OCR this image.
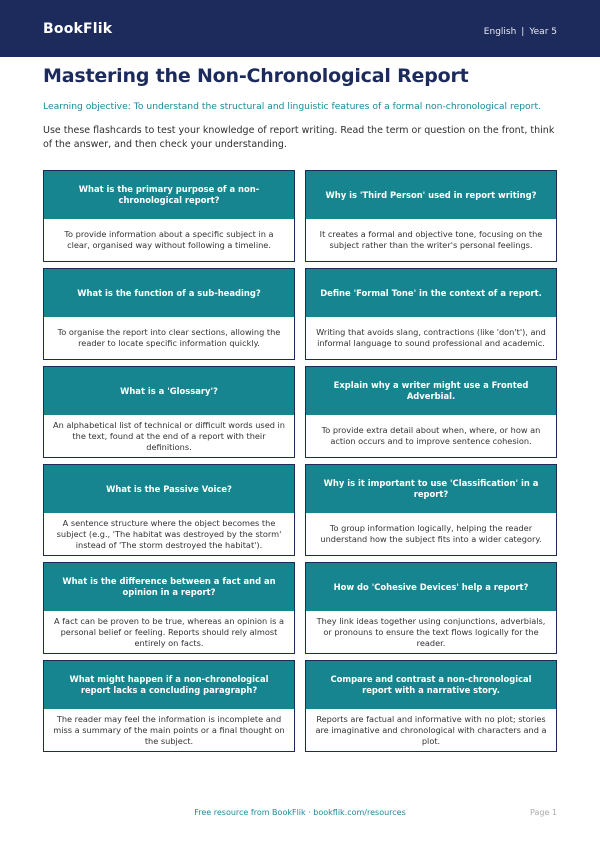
BookFlik	English | Year 5
Mastering the Non-Chronological Report
Learning objective: To understand the structural and linguistic features of a formal non-chronological report.
Use these flashcards to test your knowledge of report writing. Read the term or question on the front, think of the answer, and then check your understanding.
What is the primary purpose of a non-chronological report?
To provide information about a specific subject in a clear, organised way without following a timeline.
Why is 'Third Person' used in report writing?
It creates a formal and objective tone, focusing on the subject rather than the writer's personal feelings.
What is the function of a sub-heading?
To organise the report into clear sections, allowing the reader to locate specific information quickly.
Define 'Formal Tone' in the context of a report.
Writing that avoids slang, contractions (like 'don't'), and informal language to sound professional and academic.
What is a 'Glossary'?
An alphabetical list of technical or difficult words used in the text, found at the end of a report with their definitions.
Explain why a writer might use a Fronted Adverbial.
To provide extra detail about when, where, or how an action occurs and to improve sentence cohesion.
What is the Passive Voice?
A sentence structure where the object becomes the subject (e.g., 'The habitat was destroyed by the storm' instead of 'The storm destroyed the habitat').
Why is it important to use 'Classification' in a report?
To group information logically, helping the reader understand how the subject fits into a wider category.
What is the difference between a fact and an opinion in a report?
A fact can be proven to be true, whereas an opinion is a personal belief or feeling. Reports should rely almost entirely on facts.
How do 'Cohesive Devices' help a report?
They link ideas together using conjunctions, adverbials, or pronouns to ensure the text flows logically for the reader.
What might happen if a non-chronological report lacks a concluding paragraph?
The reader may feel the information is incomplete and miss a summary of the main points or a final thought on the subject.
Compare and contrast a non-chronological report with a narrative story.
Reports are factual and informative with no plot; stories are imaginative and chronological with characters and a plot.
Free resource from BookFlik · bookflik.com/resources	Page 1
